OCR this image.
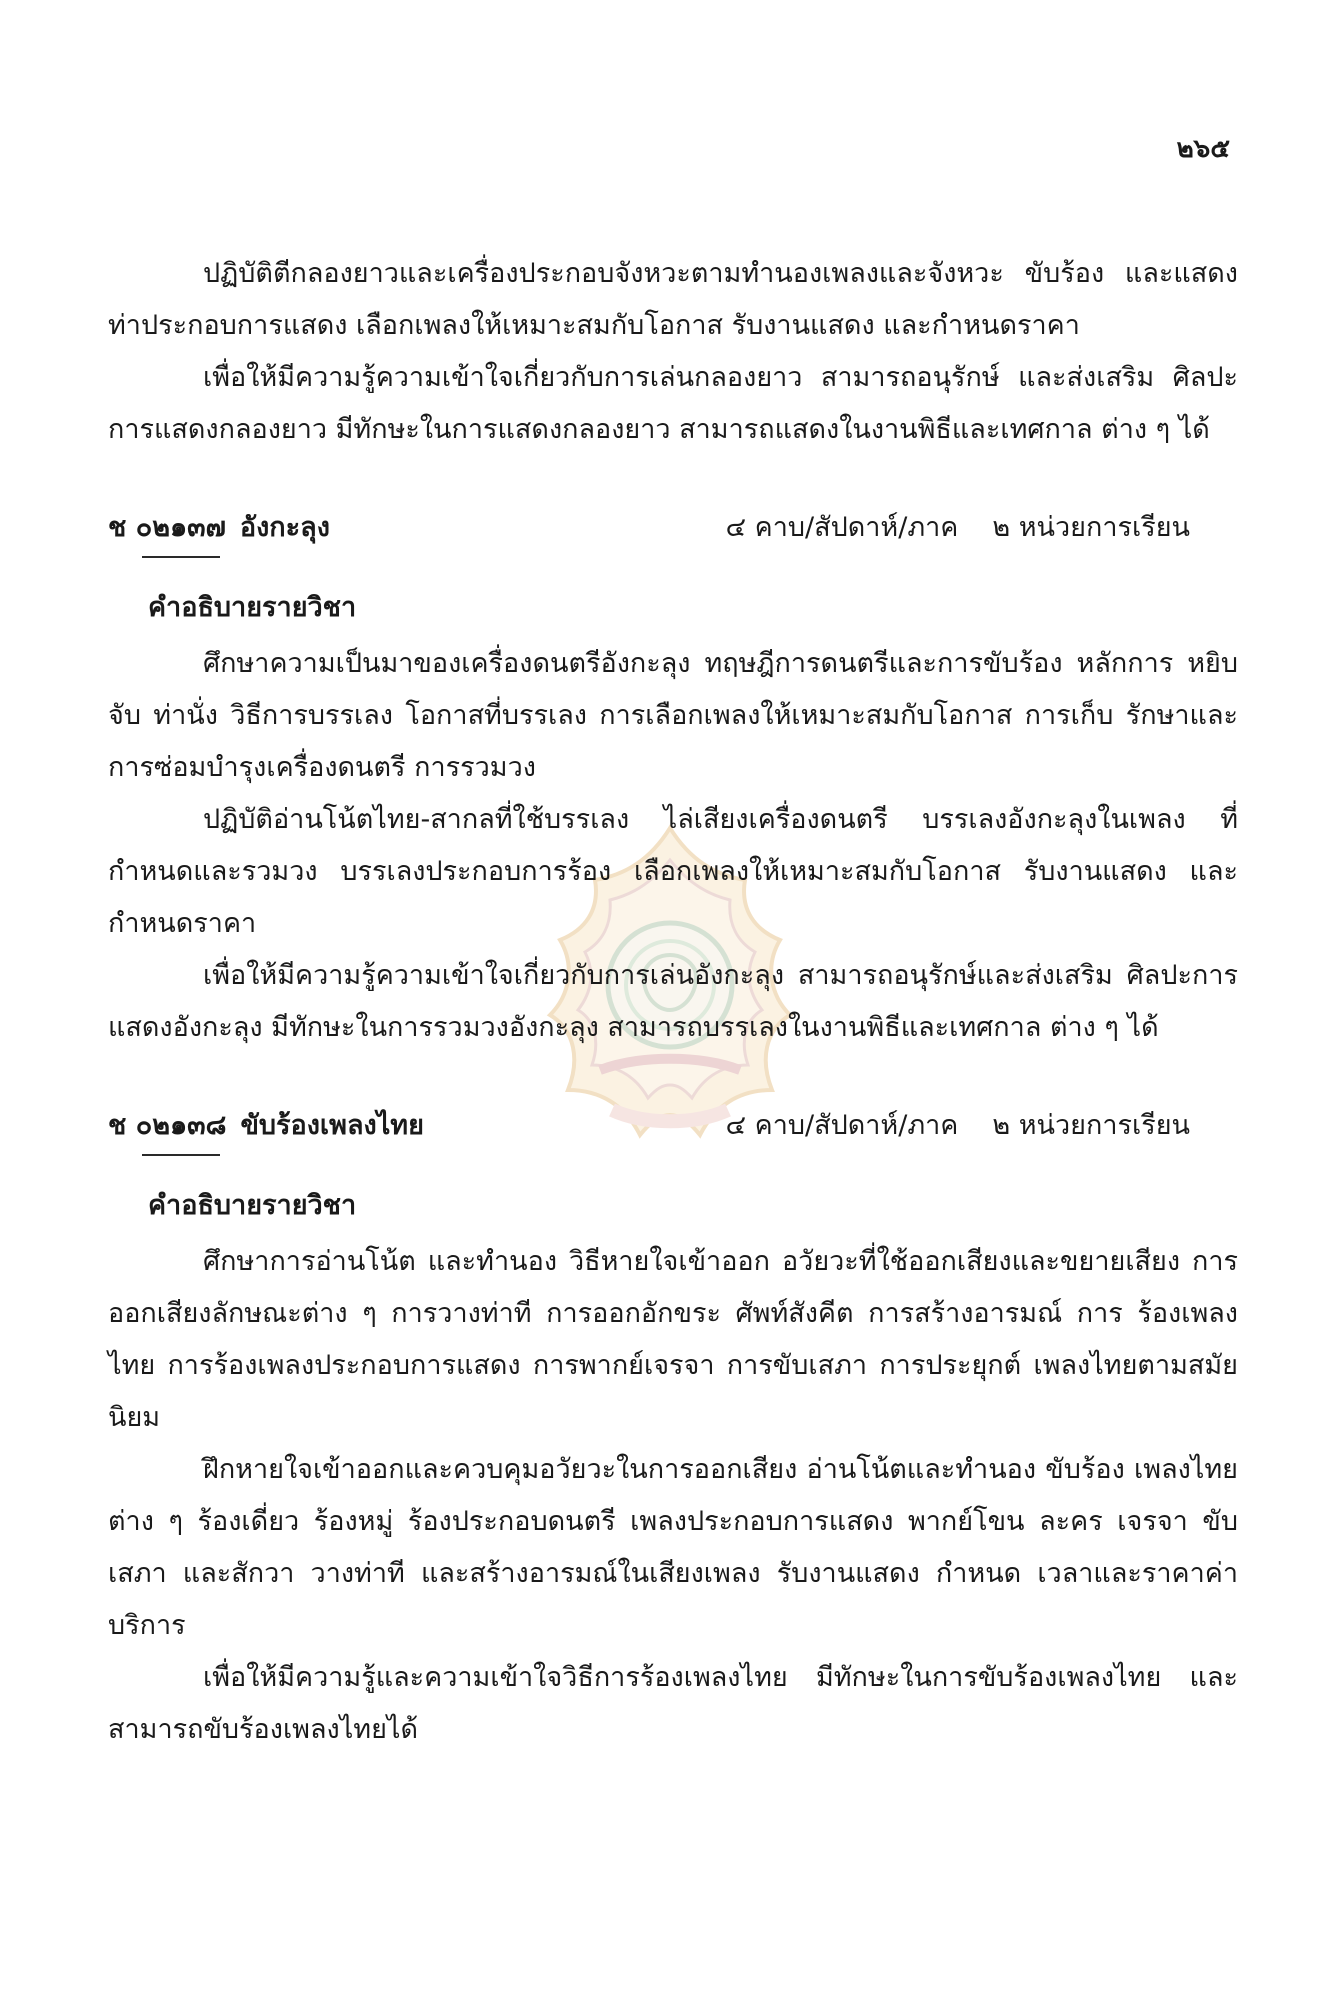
๒๖๕

ปฏิบัติตีกลองยาวและเครื่องประกอบจังหวะตามทำนองเพลงและจังหวะ ขับร้อง และแสดงท่าประกอบการแสดง เลือกเพลงให้เหมาะสมกับโอกาส รับงานแสดง และกำหนดราคา

เพื่อให้มีความรู้ความเข้าใจเกี่ยวกับการเล่นกลองยาว สามารถอนุรักษ์ และส่งเสริม ศิลปะการแสดงกลองยาว มีทักษะในการแสดงกลองยาว สามารถแสดงในงานพิธีและเทศกาล ต่าง ๆ ได้

ช ๐๒๑๓๗ อังกะลุง	๔ คาบ/สัปดาห์/ภาค ๒ หน่วยการเรียน
คำอธิบายรายวิชา

ศึกษาความเป็นมาของเครื่องดนตรีอังกะลุง ทฤษฎีการดนตรีและการขับร้อง หลักการ หยิบ จับ ท่านั่ง วิธีการบรรเลง โอกาสที่บรรเลง การเลือกเพลงให้เหมาะสมกับโอกาส การเก็บ รักษาและการซ่อมบำรุงเครื่องดนตรี การรวมวง

ปฏิบัติอ่านโน้ตไทย-สากลที่ใช้บรรเลง ไล่เสียงเครื่องดนตรี บรรเลงอังกะลุงในเพลง ที่กำหนดและรวมวง บรรเลงประกอบการร้อง เลือกเพลงให้เหมาะสมกับโอกาส รับงานแสดง และกำหนดราคา

เพื่อให้มีความรู้ความเข้าใจเกี่ยวกับการเล่นอังกะลุง สามารถอนุรักษ์และส่งเสริม ศิลปะการแสดงอังกะลุง มีทักษะในการรวมวงอังกะลุง สามารถบรรเลงในงานพิธีและเทศกาล ต่าง ๆ ได้

ช ๐๒๑๓๘ ขับร้องเพลงไทย	๔ คาบ/สัปดาห์/ภาค ๒ หน่วยการเรียน
คำอธิบายรายวิชา

ศึกษาการอ่านโน้ต และทำนอง วิธีหายใจเข้าออก อวัยวะที่ใช้ออกเสียงและขยายเสียง การออกเสียงลักษณะต่าง ๆ การวางท่าที การออกอักขระ ศัพท์สังคีต การสร้างอารมณ์ การ ร้องเพลงไทย การร้องเพลงประกอบการแสดง การพากย์เจรจา การขับเสภา การประยุกต์ เพลงไทยตามสมัยนิยม

ฝึกหายใจเข้าออกและควบคุมอวัยวะในการออกเสียง อ่านโน้ตและทำนอง ขับร้อง เพลงไทยต่าง ๆ ร้องเดี่ยว ร้องหมู่ ร้องประกอบดนตรี เพลงประกอบการแสดง พากย์โขน ละคร เจรจา ขับเสภา และสักวา วางท่าที และสร้างอารมณ์ในเสียงเพลง รับงานแสดง กำหนด เวลาและราคาค่าบริการ

เพื่อให้มีความรู้และความเข้าใจวิธีการร้องเพลงไทย มีทักษะในการขับร้องเพลงไทย และสามารถขับร้องเพลงไทยได้
